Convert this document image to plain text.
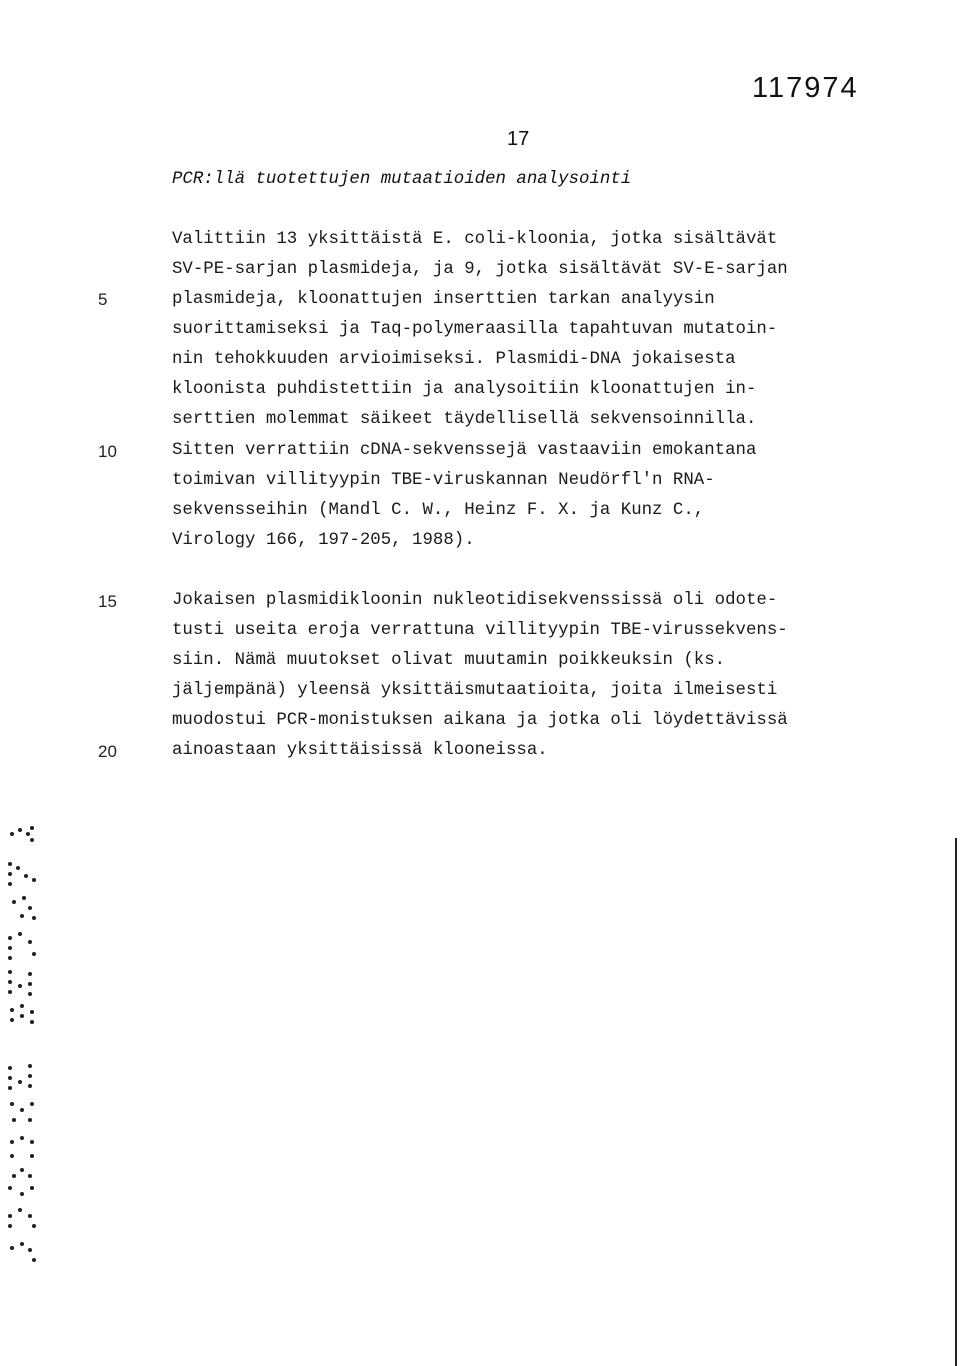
117974
17
PCR:llä tuotettujen mutaatioiden analysointi
Valittiin 13 yksittäistä E. coli-kloonia, jotka sisältävät
SV-PE-sarjan plasmideja, ja 9, jotka sisältävät SV-E-sarjan
plasmideja, kloonattujen inserttien tarkan analyysin
suorittamiseksi ja Taq-polymeraasilla tapahtuvan mutatoin-
nin tehokkuuden arvioimiseksi. Plasmidi-DNA jokaisesta
kloonista puhdistettiin ja analysoitiin kloonattujen in-
serttien molemmat säikeet täydellisellä sekvensoinnilla.
Sitten verrattiin cDNA-sekvenssejä vastaaviin emokantana
toimivan villityypin TBE-viruskannan Neudörfl'n RNA-
sekvensseihin (Mandl C. W., Heinz F. X. ja Kunz C.,
Virology 166, 197-205, 1988).
Jokaisen plasmidikloonin nukleotidisekvenssissä oli odote-
tusti useita eroja verrattuna villityypin TBE-virussekvens-
siin. Nämä muutokset olivat muutamin poikkeuksin (ks.
jäljempänä) yleensä yksittäismutaatioita, joita ilmeisesti
muodostui PCR-monistuksen aikana ja jotka oli löydettävissä
ainoastaan yksittäisissä klooneissa.
5
10
15
20
